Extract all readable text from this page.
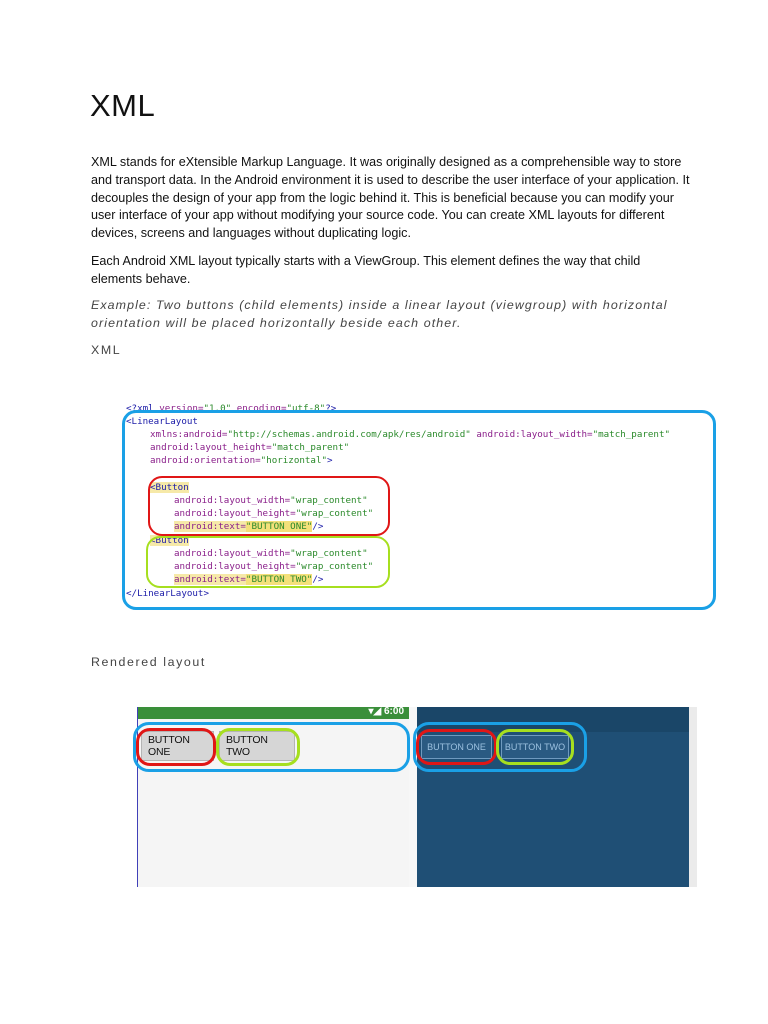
XML

XML stands for eXtensible Markup Language. It was originally designed as a comprehensible way to store and transport data. In the Android environment it is used to describe the user interface of your application. It decouples the design of your app from the logic behind it. This is beneficial because you can modify your user interface of your app without modifying your source code. You can create XML layouts for different devices, screens and languages without duplicating logic.

Each Android XML layout typically starts with a ViewGroup. This element defines the way that child elements behave.

Example: Two buttons (child elements) inside a linear layout (viewgroup) with horizontal orientation will be placed horizontally beside each other.

XML

<?xml version="1.0" encoding="utf-8"?>

<LinearLayout

xmlns:android="http://schemas.android.com/apk/res/android" android:layout_width="match_parent"

android:layout_height="match_parent"

android:orientation="horizontal">

<Button

android:layout_width="wrap_content"

android:layout_height="wrap_content"

android:text="BUTTON ONE"/>

<Button

android:layout_width="wrap_content"

android:layout_height="wrap_content"

android:text="BUTTON TWO"/>

</LinearLayout>

Rendered layout

▾◢ 6:00
BUTTON ONE
BUTTON TWO	BUTTON ONE	BUTTON TWO
